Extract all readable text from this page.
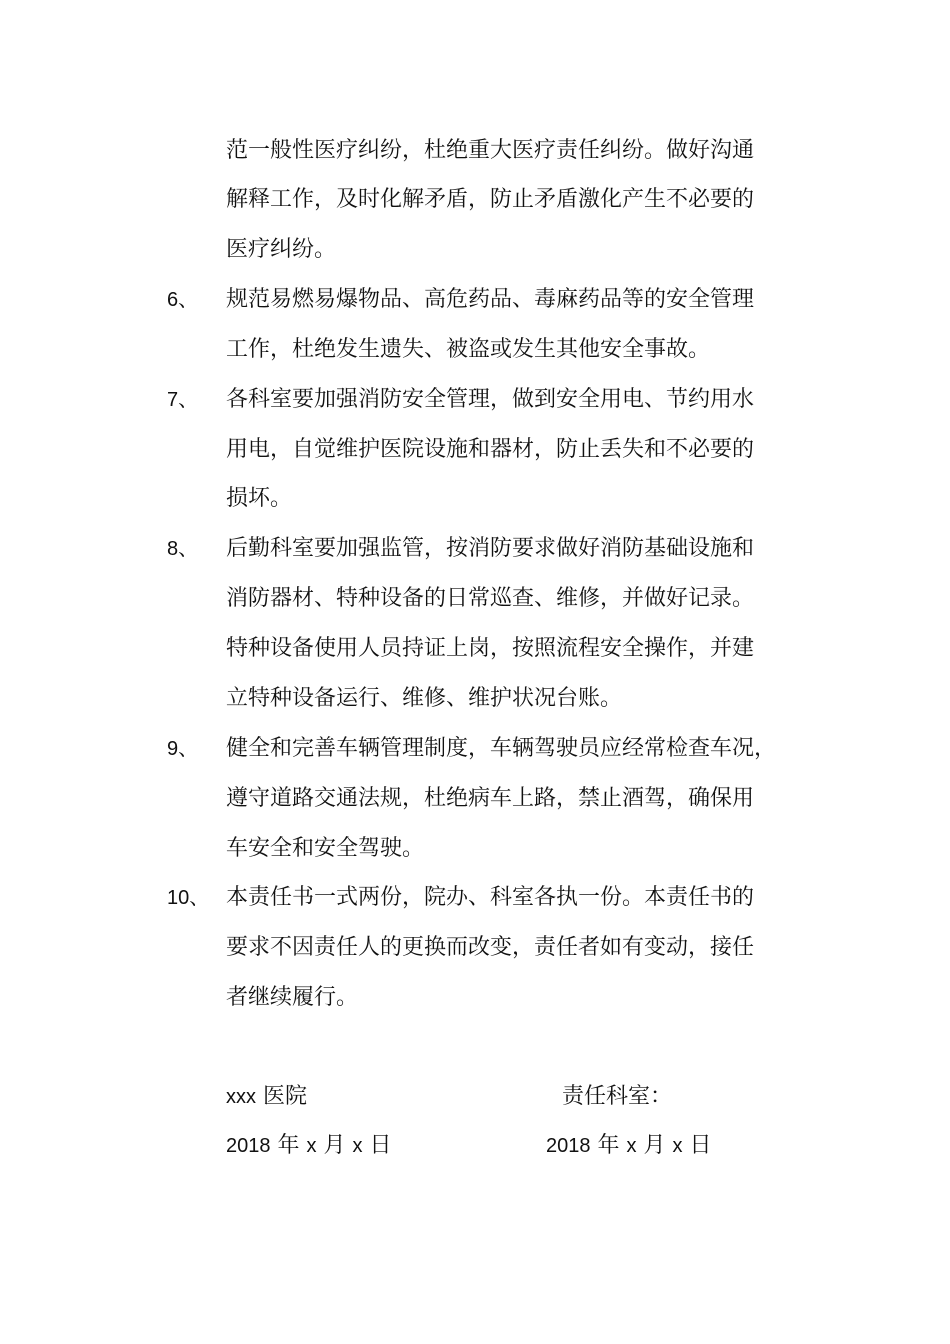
范一般性医疗纠纷，杜绝重大医疗责任纠纷。做好沟通
解释工作，及时化解矛盾，防止矛盾激化产生不必要的
医疗纠纷。
6、 规范易燃易爆物品、高危药品、毒麻药品等的安全管理
工作，杜绝发生遗失、被盗或发生其他安全事故。
7、 各科室要加强消防安全管理，做到安全用电、节约用水
用电，自觉维护医院设施和器材，防止丢失和不必要的
损坏。
8、 后勤科室要加强监管，按消防要求做好消防基础设施和
消防器材、特种设备的日常巡查、维修，并做好记录。
特种设备使用人员持证上岗，按照流程安全操作，并建
立特种设备运行、维修、维护状况台账。
9、 健全和完善车辆管理制度，车辆驾驶员应经常检查车况，
遵守道路交通法规，杜绝病车上路，禁止酒驾，确保用
车安全和安全驾驶。
10、 本责任书一式两份，院办、科室各执一份。本责任书的
要求不因责任人的更换而改变，责任者如有变动，接任
者继续履行。
xxx 医院	责任科室：
2018 年 x 月 x 日	2018 年 x 月 x 日
